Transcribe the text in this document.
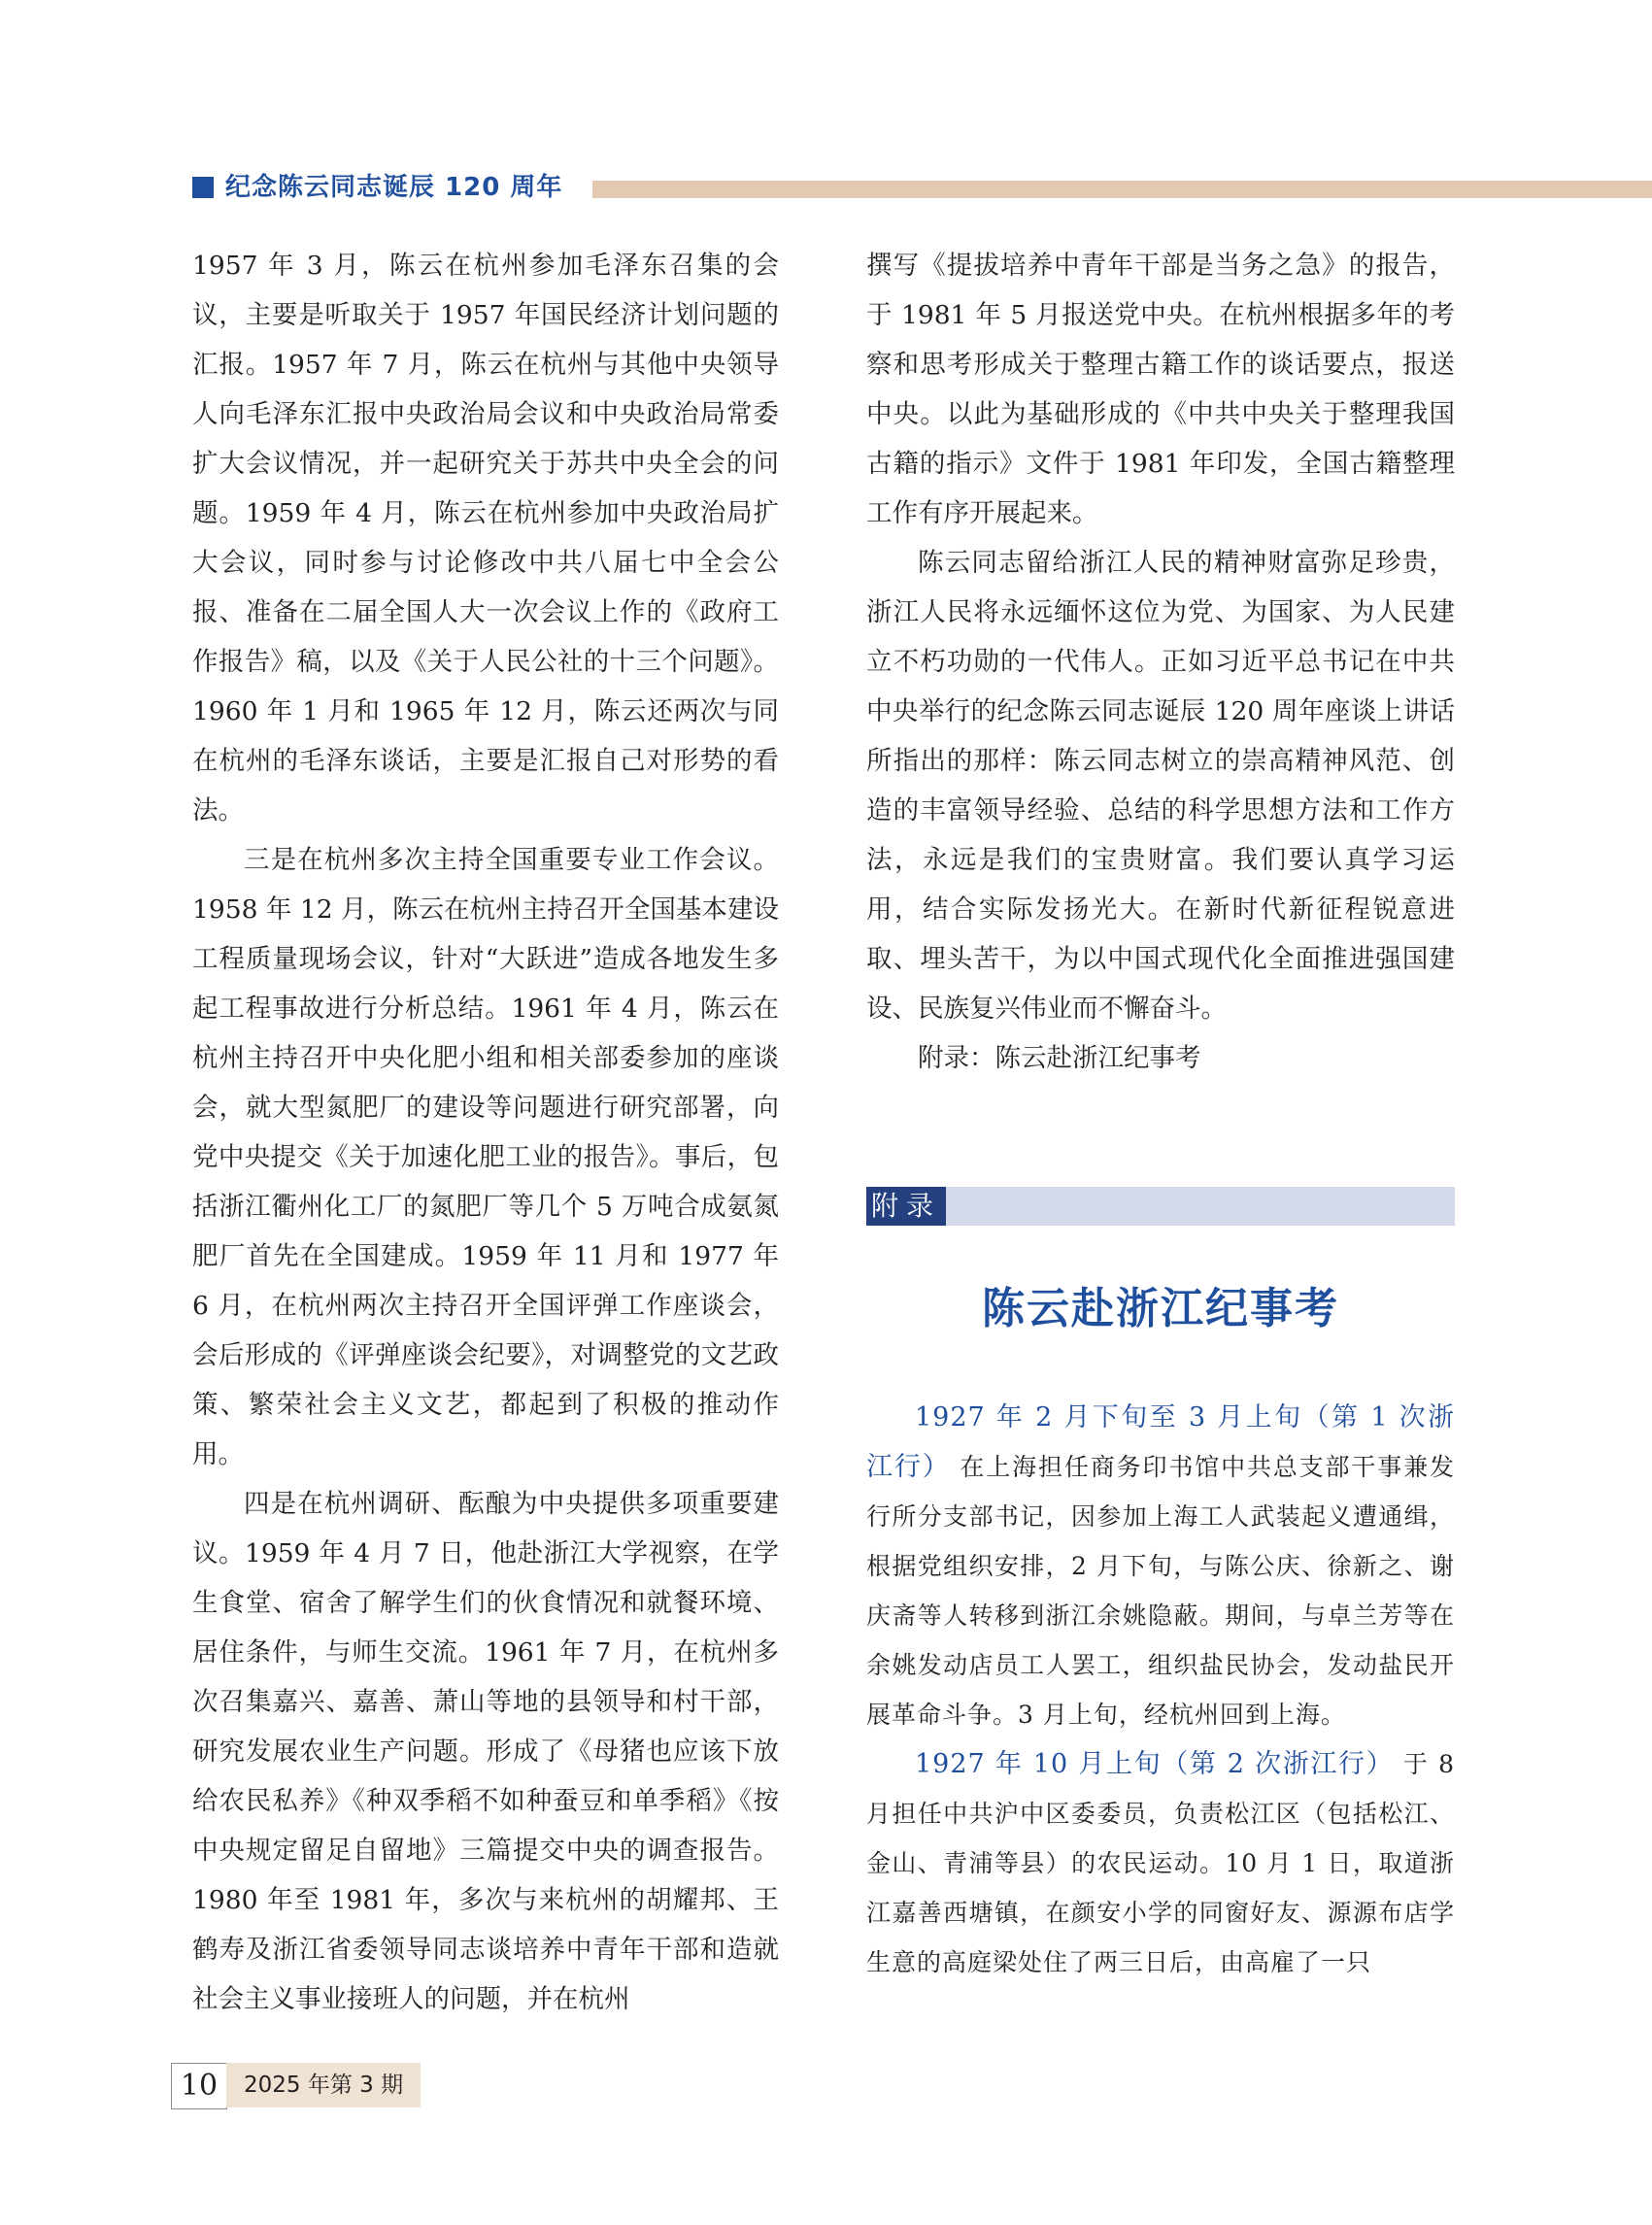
纪念陈云同志诞辰 120 周年

1957 年 3 月，陈云在杭州参加毛泽东召集的会议，主要是听取关于 1957 年国民经济计划问题的汇报。1957 年 7 月，陈云在杭州与其他中央领导人向毛泽东汇报中央政治局会议和中央政治局常委扩大会议情况，并一起研究关于苏共中央全会的问题。1959 年 4 月，陈云在杭州参加中央政治局扩大会议，同时参与讨论修改中共八届七中全会公报、准备在二届全国人大一次会议上作的《政府工作报告》稿，以及《关于人民公社的十三个问题》。1960 年 1 月和 1965 年 12 月，陈云还两次与同在杭州的毛泽东谈话，主要是汇报自己对形势的看法。

三是在杭州多次主持全国重要专业工作会议。1958 年 12 月，陈云在杭州主持召开全国基本建设工程质量现场会议，针对“大跃进”造成各地发生多起工程事故进行分析总结。1961 年 4 月，陈云在杭州主持召开中央化肥小组和相关部委参加的座谈会，就大型氮肥厂的建设等问题进行研究部署，向党中央提交《关于加速化肥工业的报告》。事后，包括浙江衢州化工厂的氮肥厂等几个 5 万吨合成氨氮肥厂首先在全国建成。1959 年 11 月和 1977 年 6 月，在杭州两次主持召开全国评弹工作座谈会，会后形成的《评弹座谈会纪要》，对调整党的文艺政策、繁荣社会主义文艺，都起到了积极的推动作用。

四是在杭州调研、酝酿为中央提供多项重要建议。1959 年 4 月 7 日，他赴浙江大学视察，在学生食堂、宿舍了解学生们的伙食情况和就餐环境、居住条件，与师生交流。1961 年 7 月，在杭州多次召集嘉兴、嘉善、萧山等地的县领导和村干部，研究发展农业生产问题。形成了《母猪也应该下放给农民私养》《种双季稻不如种蚕豆和单季稻》《按中央规定留足自留地》三篇提交中央的调查报告。1980 年至 1981 年，多次与来杭州的胡耀邦、王鹤寿及浙江省委领导同志谈培养中青年干部和造就社会主义事业接班人的问题，并在杭州

撰写《提拔培养中青年干部是当务之急》的报告，于 1981 年 5 月报送党中央。在杭州根据多年的考察和思考形成关于整理古籍工作的谈话要点，报送中央。以此为基础形成的《中共中央关于整理我国古籍的指示》文件于 1981 年印发，全国古籍整理工作有序开展起来。

陈云同志留给浙江人民的精神财富弥足珍贵，浙江人民将永远缅怀这位为党、为国家、为人民建立不朽功勋的一代伟人。正如习近平总书记在中共中央举行的纪念陈云同志诞辰 120 周年座谈上讲话所指出的那样：陈云同志树立的崇高精神风范、创造的丰富领导经验、总结的科学思想方法和工作方法，永远是我们的宝贵财富。我们要认真学习运用，结合实际发扬光大。在新时代新征程锐意进取、埋头苦干，为以中国式现代化全面推进强国建设、民族复兴伟业而不懈奋斗。

附录：陈云赴浙江纪事考

附录
陈云赴浙江纪事考

1927 年 2 月下旬至 3 月上旬（第 1 次浙江行） 在上海担任商务印书馆中共总支部干事兼发行所分支部书记，因参加上海工人武装起义遭通缉，根据党组织安排，2 月下旬，与陈公庆、徐新之、谢庆斋等人转移到浙江余姚隐蔽。期间，与卓兰芳等在余姚发动店员工人罢工，组织盐民协会，发动盐民开展革命斗争。3 月上旬，经杭州回到上海。

1927 年 10 月上旬（第 2 次浙江行） 于 8 月担任中共沪中区委委员，负责松江区（包括松江、金山、青浦等县）的农民运动。10 月 1 日，取道浙江嘉善西塘镇，在颜安小学的同窗好友、源源布店学生意的高庭梁处住了两三日后，由高雇了一只

10	2025 年第 3 期
